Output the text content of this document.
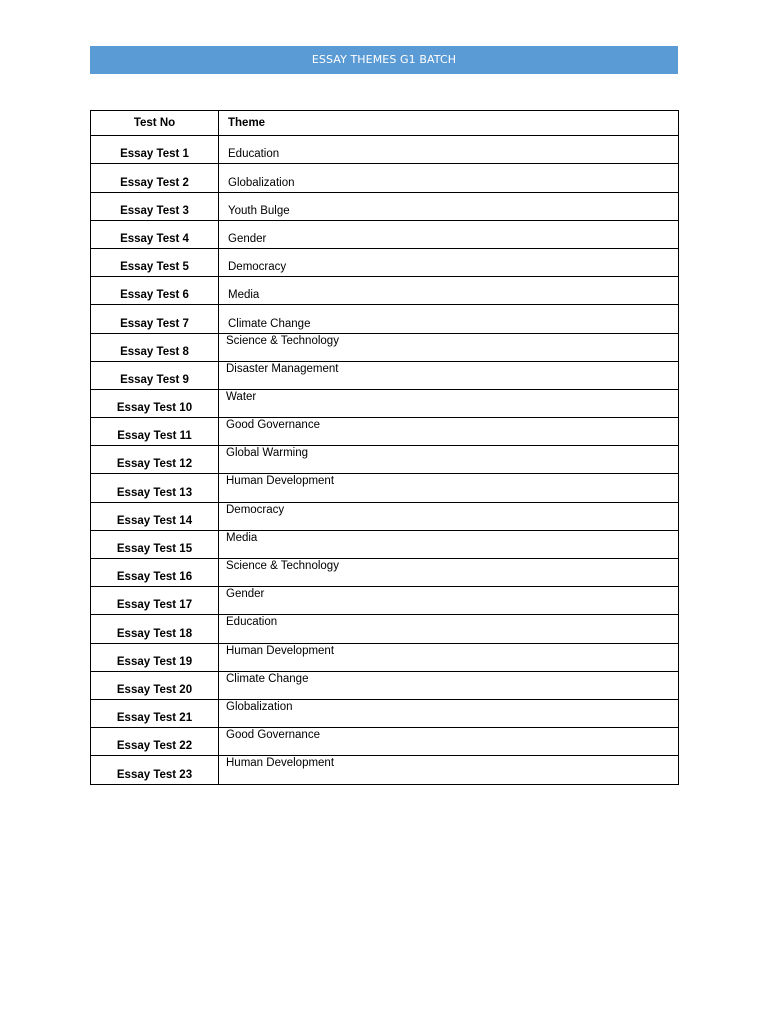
ESSAY THEMES G1 BATCH
Test No	Theme
Essay Test 1	Education
Essay Test 2	Globalization
Essay Test 3	Youth Bulge
Essay Test 4	Gender
Essay Test 5	Democracy
Essay Test 6	Media
Essay Test 7	Climate Change
Essay Test 8	Science & Technology
Essay Test 9	Disaster Management
Essay Test 10	Water
Essay Test 11	Good Governance
Essay Test 12	Global Warming
Essay Test 13	Human Development
Essay Test 14	Democracy
Essay Test 15	Media
Essay Test 16	Science & Technology
Essay Test 17	Gender
Essay Test 18	Education
Essay Test 19	Human Development
Essay Test 20	Climate Change
Essay Test 21	Globalization
Essay Test 22	Good Governance
Essay Test 23	Human Development
